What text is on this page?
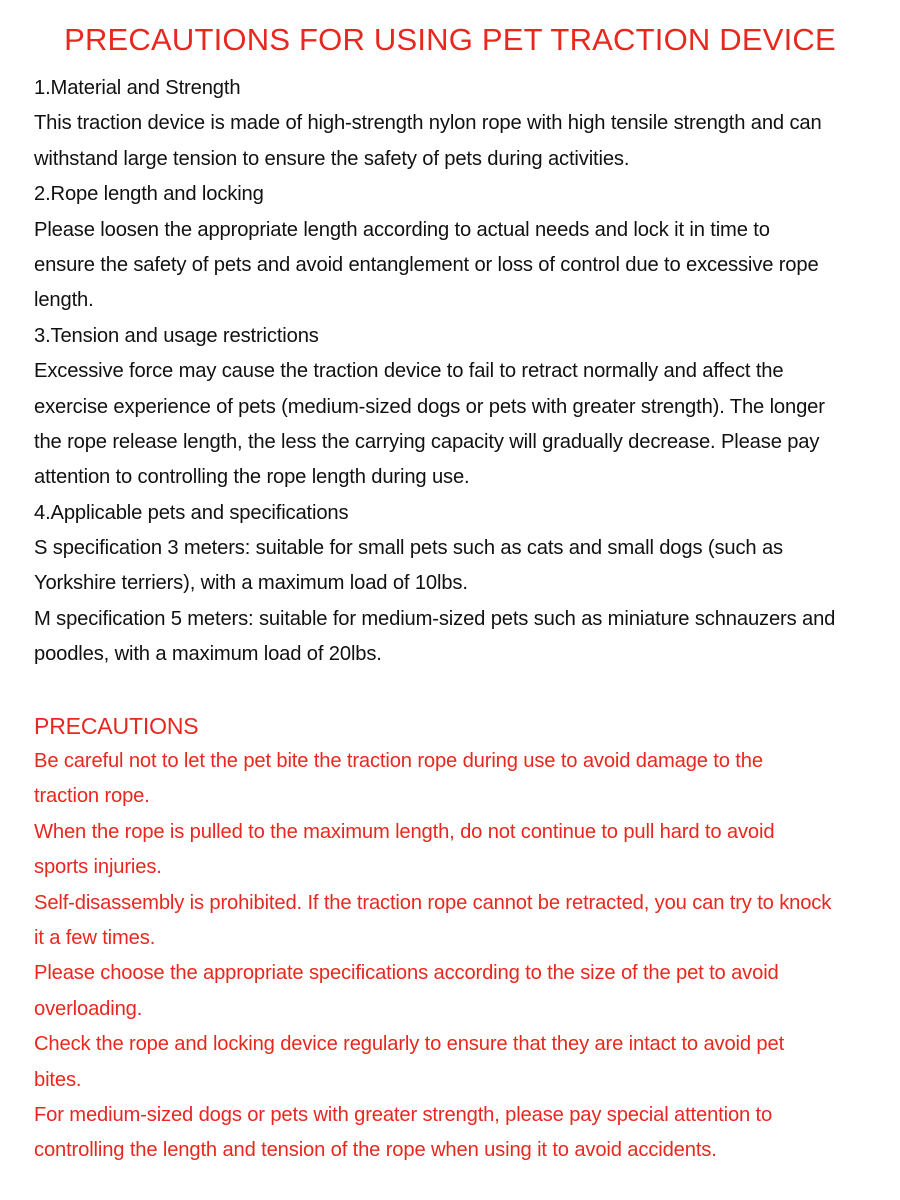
PRECAUTIONS FOR USING PET TRACTION DEVICE
1.Material and Strength
This traction device is made of high-strength nylon rope with high tensile strength and can
withstand large tension to ensure the safety of pets during activities.
2.Rope length and locking
Please loosen the appropriate length according to actual needs and lock it in time to
ensure the safety of pets and avoid entanglement or loss of control due to excessive rope
length.
3.Tension and usage restrictions
Excessive force may cause the traction device to fail to retract normally and affect the
exercise experience of pets (medium-sized dogs or pets with greater strength). The longer
the rope release length, the less the carrying capacity will gradually decrease. Please pay
attention to controlling the rope length during use.
4.Applicable pets and specifications
S specification 3 meters: suitable for small pets such as cats and small dogs (such as
Yorkshire terriers), with a maximum load of 10lbs.
M specification 5 meters: suitable for medium-sized pets such as miniature schnauzers and
poodles, with a maximum load of 20lbs.
PRECAUTIONS
Be careful not to let the pet bite the traction rope during use to avoid damage to the
traction rope.
When the rope is pulled to the maximum length, do not continue to pull hard to avoid
sports injuries.
Self-disassembly is prohibited. If the traction rope cannot be retracted, you can try to knock
it a few times.
Please choose the appropriate specifications according to the size of the pet to avoid
overloading.
Check the rope and locking device regularly to ensure that they are intact to avoid pet
bites.
For medium-sized dogs or pets with greater strength, please pay special attention to
controlling the length and tension of the rope when using it to avoid accidents.
